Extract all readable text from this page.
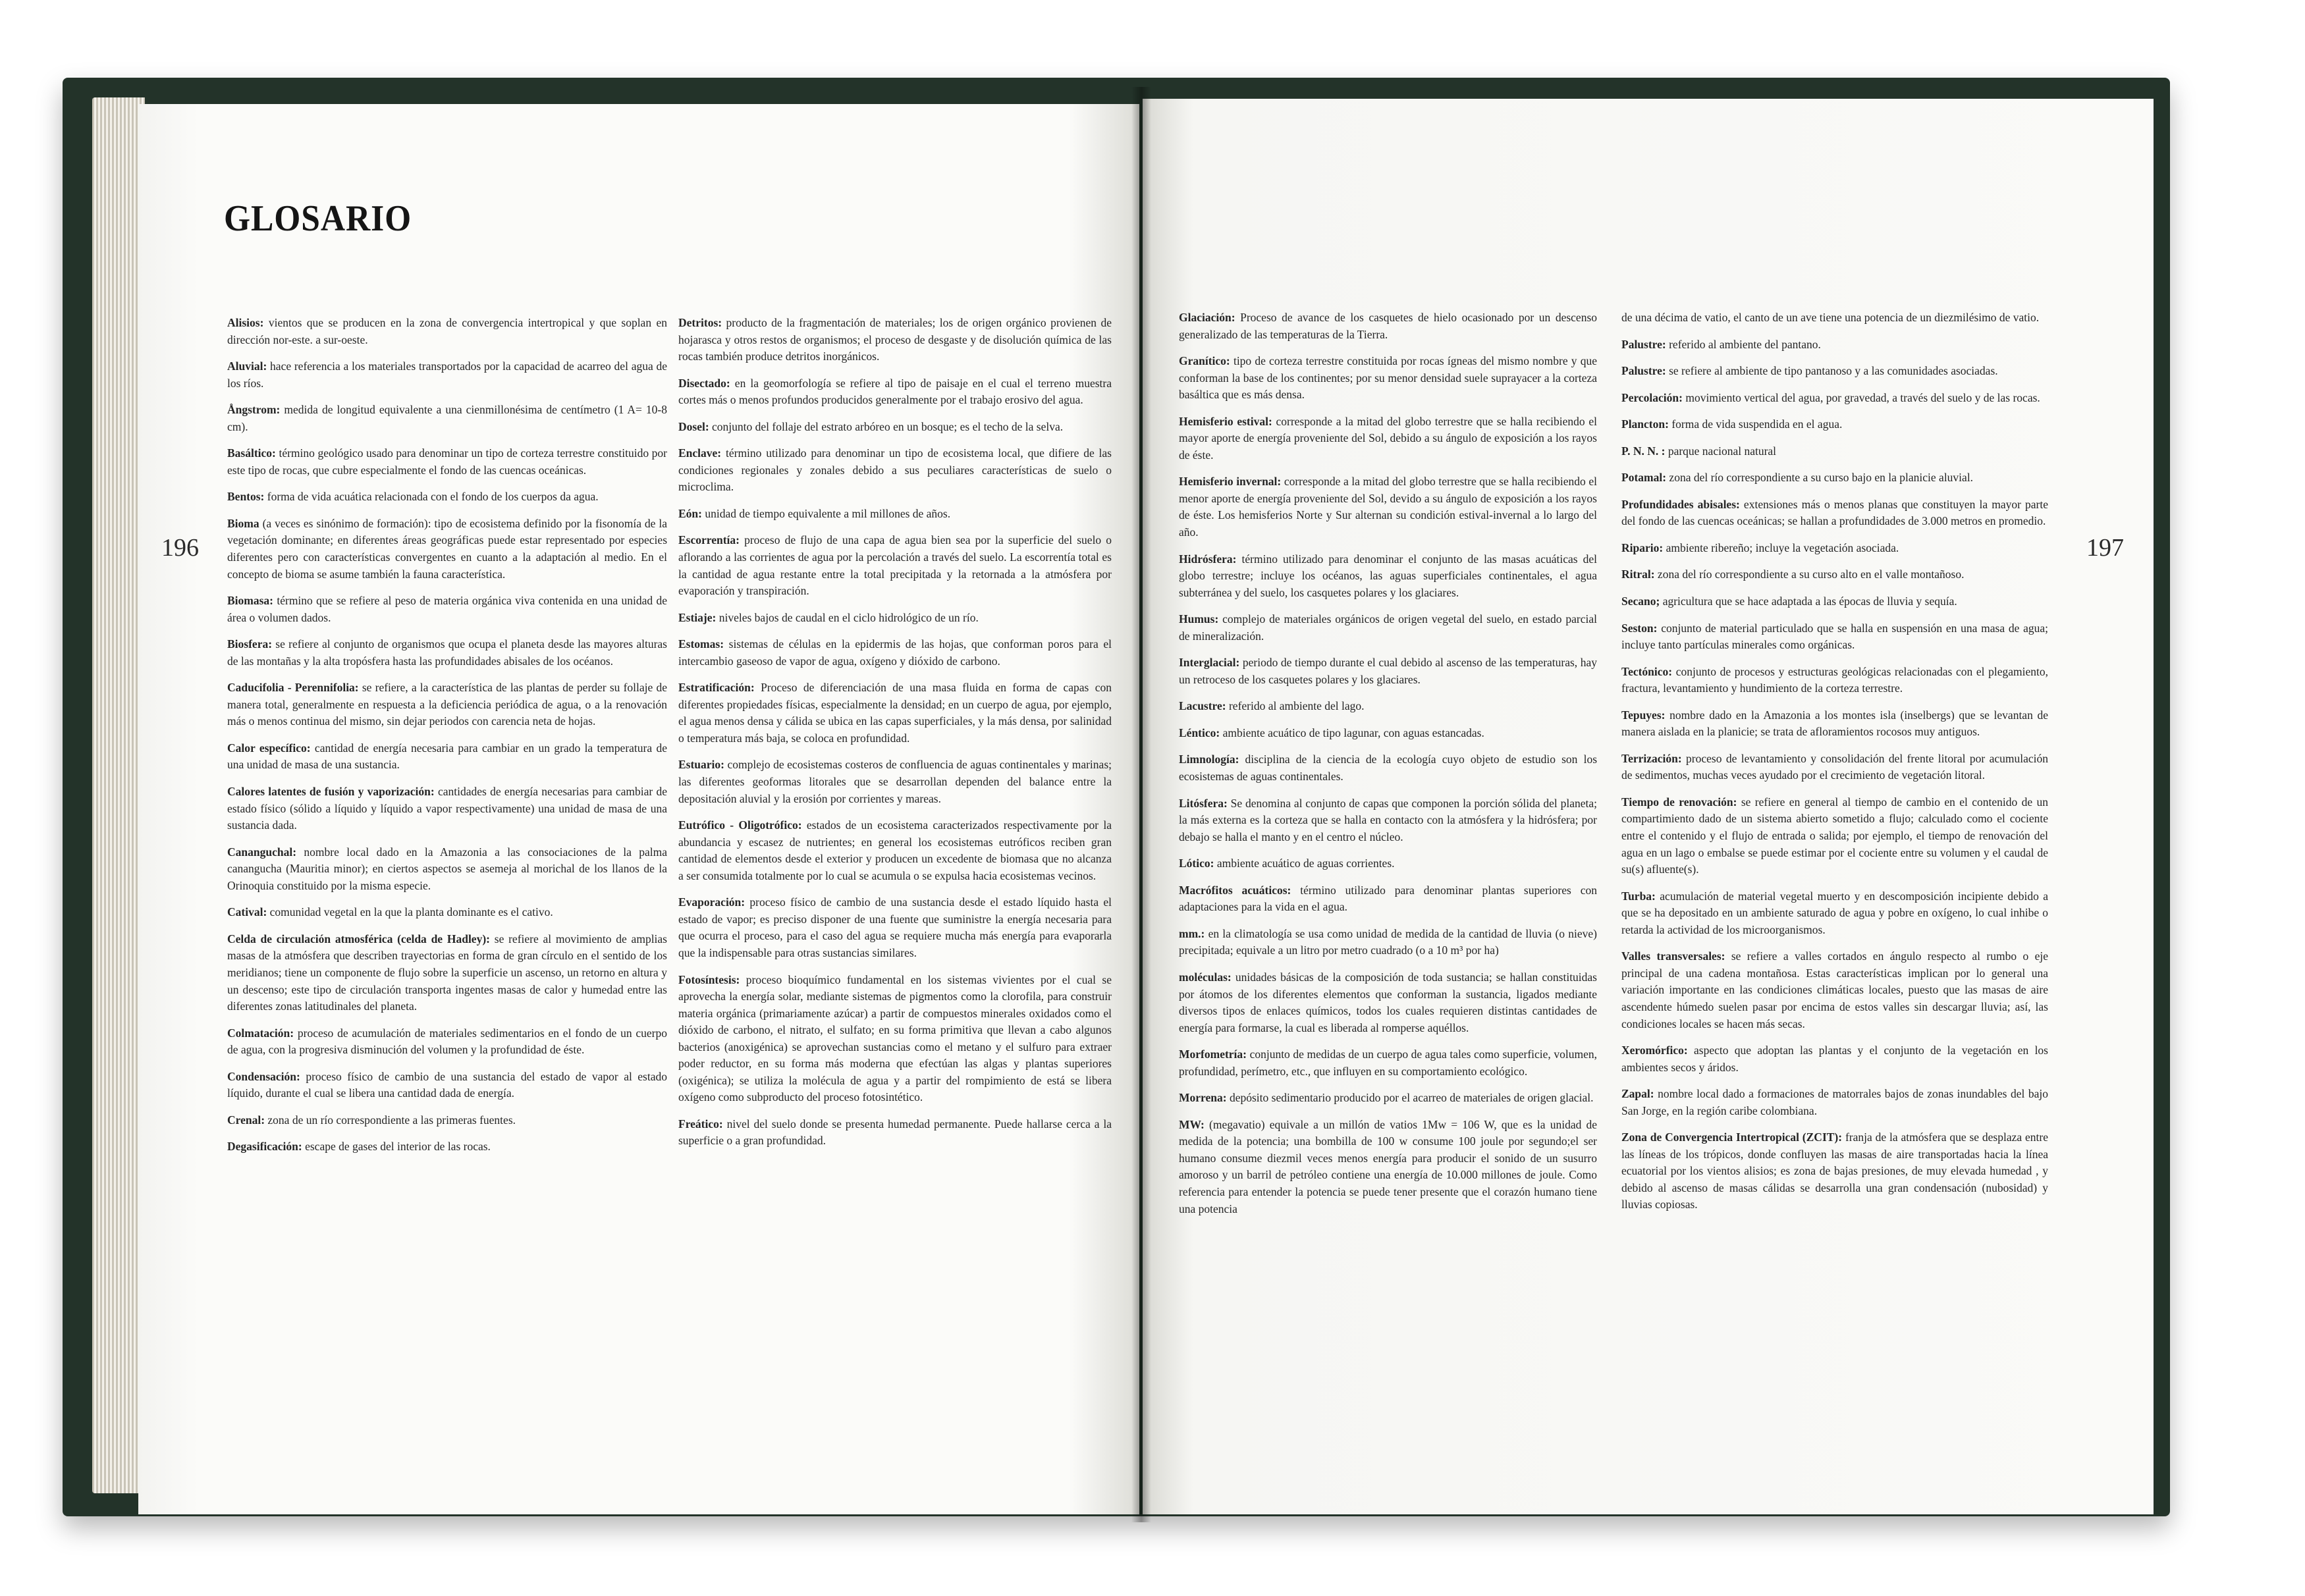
GLOSARIO
196	197

Alisios: vientos que se producen en la zona de convergencia intertropical y que soplan en dirección nor-este. a sur-oeste.

Aluvial: hace referencia a los materiales transportados por la capacidad de acarreo del agua de los ríos.

Ångstrom: medida de longitud equivalente a una cienmillonésima de centímetro (1 A= 10-8 cm).

Basáltico: término geológico usado para denominar un tipo de corteza terrestre constituido por este tipo de rocas, que cubre especialmente el fondo de las cuencas oceánicas.

Bentos: forma de vida acuática relacionada con el fondo de los cuerpos da agua.

Bioma (a veces es sinónimo de formación): tipo de ecosistema definido por la fisonomía de la vegetación dominante; en diferentes áreas geográficas puede estar representado por especies diferentes pero con características convergentes en cuanto a la adaptación al medio. En el concepto de bioma se asume también la fauna característica.

Biomasa: término que se refiere al peso de materia orgánica viva contenida en una unidad de área o volumen dados.

Biosfera: se refiere al conjunto de organismos que ocupa el planeta desde las mayores alturas de las montañas y la alta tropósfera hasta las profundidades abisales de los océanos.

Caducifolia - Perennifolia: se refiere, a la característica de las plantas de perder su follaje de manera total, generalmente en respuesta a la deficiencia periódica de agua, o a la renovación más o menos continua del mismo, sin dejar periodos con carencia neta de hojas.

Calor específico: cantidad de energía necesaria para cambiar en un grado la temperatura de una unidad de masa de una sustancia.

Calores latentes de fusión y vaporización: cantidades de energía necesarias para cambiar de estado físico (sólido a líquido y líquido a vapor respectivamente) una unidad de masa de una sustancia dada.

Cananguchal: nombre local dado en la Amazonia a las consociaciones de la palma canangucha (Mauritia minor); en ciertos aspectos se asemeja al morichal de los llanos de la Orinoquia constituido por la misma especie.

Catival: comunidad vegetal en la que la planta dominante es el cativo.

Celda de circulación atmosférica (celda de Hadley): se refiere al movimiento de amplias masas de la atmósfera que describen trayectorias en forma de gran círculo en el sentido de los meridianos; tiene un componente de flujo sobre la superficie un ascenso, un retorno en altura y un descenso; este tipo de circulación transporta ingentes masas de calor y humedad entre las diferentes zonas latitudinales del planeta.

Colmatación: proceso de acumulación de materiales sedimentarios en el fondo de un cuerpo de agua, con la progresiva disminución del volumen y la profundidad de éste.

Condensación: proceso físico de cambio de una sustancia del estado de vapor al estado líquido, durante el cual se libera una cantidad dada de energía.

Crenal: zona de un río correspondiente a las primeras fuentes.

Degasificación: escape de gases del interior de las rocas.

Detritos: producto de la fragmentación de materiales; los de origen orgánico provienen de hojarasca y otros restos de organismos; el proceso de desgaste y de disolución química de las rocas también produce detritos inorgánicos.

Disectado: en la geomorfología se refiere al tipo de paisaje en el cual el terreno muestra cortes más o menos profundos producidos generalmente por el trabajo erosivo del agua.

Dosel: conjunto del follaje del estrato arbóreo en un bosque; es el techo de la selva.

Enclave: término utilizado para denominar un tipo de ecosistema local, que difiere de las condiciones regionales y zonales debido a sus peculiares características de suelo o microclima.

Eón: unidad de tiempo equivalente a mil millones de años.

Escorrentía: proceso de flujo de una capa de agua bien sea por la superficie del suelo o aflorando a las corrientes de agua por la percolación a través del suelo. La escorrentía total es la cantidad de agua restante entre la total precipitada y la retornada a la atmósfera por evaporación y transpiración.

Estiaje: niveles bajos de caudal en el ciclo hidrológico de un río.

Estomas: sistemas de células en la epidermis de las hojas, que conforman poros para el intercambio gaseoso de vapor de agua, oxígeno y dióxido de carbono.

Estratificación: Proceso de diferenciación de una masa fluida en forma de capas con diferentes propiedades físicas, especialmente la densidad; en un cuerpo de agua, por ejemplo, el agua menos densa y cálida se ubica en las capas superficiales, y la más densa, por salinidad o temperatura más baja, se coloca en profundidad.

Estuario: complejo de ecosistemas costeros de confluencia de aguas continentales y marinas; las diferentes geoformas litorales que se desarrollan dependen del balance entre la depositación aluvial y la erosión por corrientes y mareas.

Eutrófico - Oligotrófico: estados de un ecosistema caracterizados respectivamente por la abundancia y escasez de nutrientes; en general los ecosistemas eutróficos reciben gran cantidad de elementos desde el exterior y producen un excedente de biomasa que no alcanza a ser consumida totalmente por lo cual se acumula o se expulsa hacia ecosistemas vecinos.

Evaporación: proceso físico de cambio de una sustancia desde el estado líquido hasta el estado de vapor; es preciso disponer de una fuente que suministre la energía necesaria para que ocurra el proceso, para el caso del agua se requiere mucha más energía para evaporarla que la indispensable para otras sustancias similares.

Fotosíntesis: proceso bioquímico fundamental en los sistemas vivientes por el cual se aprovecha la energía solar, mediante sistemas de pigmentos como la clorofila, para construir materia orgánica (primariamente azúcar) a partir de compuestos minerales oxidados como el dióxido de carbono, el nitrato, el sulfato; en su forma primitiva que llevan a cabo algunos bacterios (anoxigénica) se aprovechan sustancias como el metano y el sulfuro para extraer poder reductor, en su forma más moderna que efectúan las algas y plantas superiores (oxigénica); se utiliza la molécula de agua y a partir del rompimiento de está se libera oxígeno como subproducto del proceso fotosintético.

Freático: nivel del suelo donde se presenta humedad permanente. Puede hallarse cerca a la superficie o a gran profundidad.

Glaciación: Proceso de avance de los casquetes de hielo ocasionado por un descenso generalizado de las temperaturas de la Tierra.

Granítico: tipo de corteza terrestre constituida por rocas ígneas del mismo nombre y que conforman la base de los continentes; por su menor densidad suele suprayacer a la corteza basáltica que es más densa.

Hemisferio estival: corresponde a la mitad del globo terrestre que se halla recibiendo el mayor aporte de energía proveniente del Sol, debido a su ángulo de exposición a los rayos de éste.

Hemisferio invernal: corresponde a la mitad del globo terrestre que se halla recibiendo el menor aporte de energía proveniente del Sol, devido a su ángulo de exposición a los rayos de éste. Los hemisferios Norte y Sur alternan su condición estival-invernal a lo largo del año.

Hidrósfera: término utilizado para denominar el conjunto de las masas acuáticas del globo terrestre; incluye los océanos, las aguas superficiales continentales, el agua subterránea y del suelo, los casquetes polares y los glaciares.

Humus: complejo de materiales orgánicos de origen vegetal del suelo, en estado parcial de mineralización.

Interglacial: periodo de tiempo durante el cual debido al ascenso de las temperaturas, hay un retroceso de los casquetes polares y los glaciares.

Lacustre: referido al ambiente del lago.

Léntico: ambiente acuático de tipo lagunar, con aguas estancadas.

Limnología: disciplina de la ciencia de la ecología cuyo objeto de estudio son los ecosistemas de aguas continentales.

Litósfera: Se denomina al conjunto de capas que componen la porción sólida del planeta; la más externa es la corteza que se halla en contacto con la atmósfera y la hidrósfera; por debajo se halla el manto y en el centro el núcleo.

Lótico: ambiente acuático de aguas corrientes.

Macrófitos acuáticos: término utilizado para denominar plantas superiores con adaptaciones para la vida en el agua.

mm.: en la climatología se usa como unidad de medida de la cantidad de lluvia (o nieve) precipitada; equivale a un litro por metro cuadrado (o a 10 m³ por ha)

moléculas: unidades básicas de la composición de toda sustancia; se hallan constituidas por átomos de los diferentes elementos que conforman la sustancia, ligados mediante diversos tipos de enlaces químicos, todos los cuales requieren distintas cantidades de energía para formarse, la cual es liberada al romperse aquéllos.

Morfometría: conjunto de medidas de un cuerpo de agua tales como superficie, volumen, profundidad, perímetro, etc., que influyen en su comportamiento ecológico.

Morrena: depósito sedimentario producido por el acarreo de materiales de origen glacial.

MW: (megavatio) equivale a un millón de vatios 1Mw = 106 W, que es la unidad de medida de la potencia; una bombilla de 100 w consume 100 joule por segundo;el ser humano consume diezmil veces menos energía para producir el sonido de un susurro amoroso y un barril de petróleo contiene una energía de 10.000 millones de joule. Como referencia para entender la potencia se puede tener presente que el corazón humano tiene una potencia

de una décima de vatio, el canto de un ave tiene una potencia de un diezmilésimo de vatio.

Palustre: referido al ambiente del pantano.

Palustre: se refiere al ambiente de tipo pantanoso y a las comunidades asociadas.

Percolación: movimiento vertical del agua, por gravedad, a través del suelo y de las rocas.

Plancton: forma de vida suspendida en el agua.

P. N. N. : parque nacional natural

Potamal: zona del río correspondiente a su curso bajo en la planicie aluvial.

Profundidades abisales: extensiones más o menos planas que constituyen la mayor parte del fondo de las cuencas oceánicas; se hallan a profundidades de 3.000 metros en promedio.

Ripario: ambiente ribereño; incluye la vegetación asociada.

Ritral: zona del río correspondiente a su curso alto en el valle montañoso.

Secano; agricultura que se hace adaptada a las épocas de lluvia y sequía.

Seston: conjunto de material particulado que se halla en suspensión en una masa de agua; incluye tanto partículas minerales como orgánicas.

Tectónico: conjunto de procesos y estructuras geológicas relacionadas con el plegamiento, fractura, levantamiento y hundimiento de la corteza terrestre.

Tepuyes: nombre dado en la Amazonia a los montes isla (inselbergs) que se levantan de manera aislada en la planicie; se trata de afloramientos rocosos muy antiguos.

Terrización: proceso de levantamiento y consolidación del frente litoral por acumulación de sedimentos, muchas veces ayudado por el crecimiento de vegetación litoral.

Tiempo de renovación: se refiere en general al tiempo de cambio en el contenido de un compartimiento dado de un sistema abierto sometido a flujo; calculado como el cociente entre el contenido y el flujo de entrada o salida; por ejemplo, el tiempo de renovación del agua en un lago o embalse se puede estimar por el cociente entre su volumen y el caudal de su(s) afluente(s).

Turba: acumulación de material vegetal muerto y en descomposición incipiente debido a que se ha depositado en un ambiente saturado de agua y pobre en oxígeno, lo cual inhibe o retarda la actividad de los microorganismos.

Valles transversales: se refiere a valles cortados en ángulo respecto al rumbo o eje principal de una cadena montañosa. Estas características implican por lo general una variación importante en las condiciones climáticas locales, puesto que las masas de aire ascendente húmedo suelen pasar por encima de estos valles sin descargar lluvia; así, las condiciones locales se hacen más secas.

Xeromórfico: aspecto que adoptan las plantas y el conjunto de la vegetación en los ambientes secos y áridos.

Zapal: nombre local dado a formaciones de matorrales bajos de zonas inundables del bajo San Jorge, en la región caribe colombiana.

Zona de Convergencia Intertropical (ZCIT): franja de la atmósfera que se desplaza entre las líneas de los trópicos, donde confluyen las masas de aire transportadas hacia la línea ecuatorial por los vientos alisios; es zona de bajas presiones, de muy elevada humedad , y debido al ascenso de masas cálidas se desarrolla una gran condensación (nubosidad) y lluvias copiosas.
